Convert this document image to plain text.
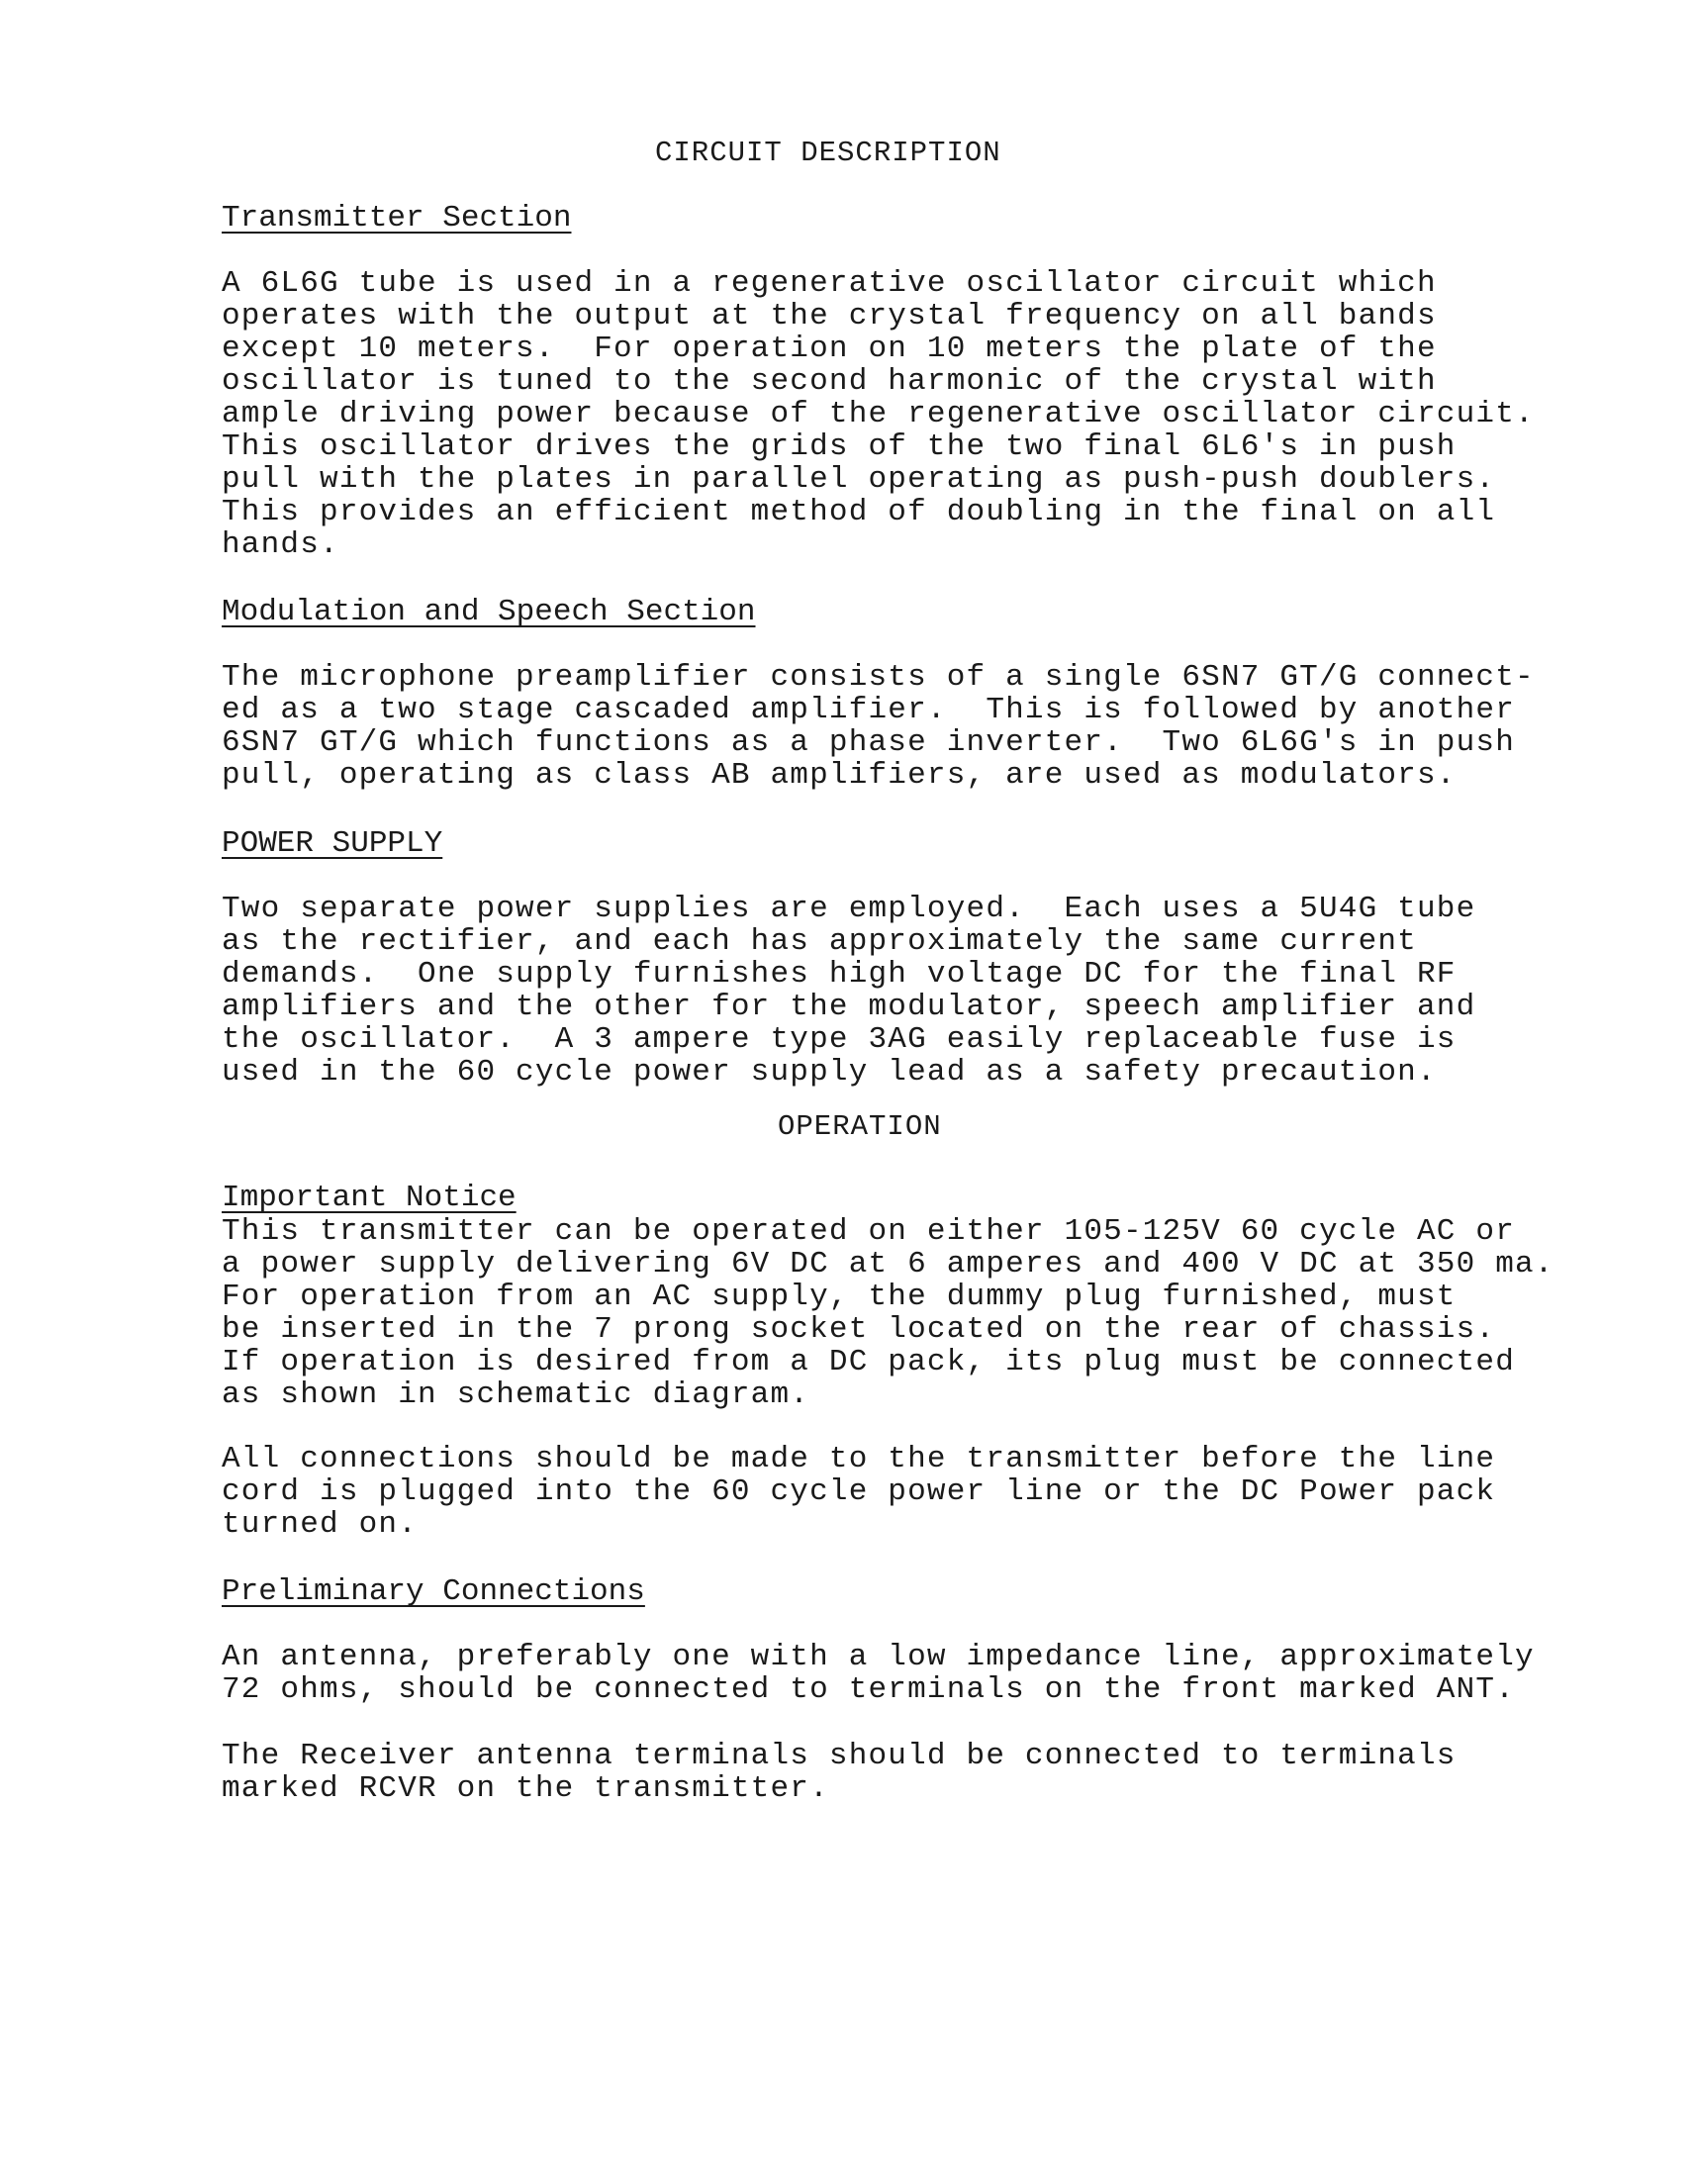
CIRCUIT DESCRIPTION
Transmitter Section
A 6L6G tube is used in a regenerative oscillator circuit which
operates with the output at the crystal frequency on all bands
except 10 meters.  For operation on 10 meters the plate of the
oscillator is tuned to the second harmonic of the crystal with
ample driving power because of the regenerative oscillator circuit.
This oscillator drives the grids of the two final 6L6's in push
pull with the plates in parallel operating as push-push doublers.
This provides an efficient method of doubling in the final on all
hands.
Modulation and Speech Section
The microphone preamplifier consists of a single 6SN7 GT/G connect-
ed as a two stage cascaded amplifier.  This is followed by another
6SN7 GT/G which functions as a phase inverter.  Two 6L6G's in push
pull, operating as class AB amplifiers, are used as modulators.
POWER SUPPLY
Two separate power supplies are employed.  Each uses a 5U4G tube
as the rectifier, and each has approximately the same current
demands.  One supply furnishes high voltage DC for the final RF
amplifiers and the other for the modulator, speech amplifier and
the oscillator.  A 3 ampere type 3AG easily replaceable fuse is
used in the 60 cycle power supply lead as a safety precaution.
OPERATION
Important Notice
This transmitter can be operated on either 105-125V 60 cycle AC or
a power supply delivering 6V DC at 6 amperes and 400 V DC at 350 ma.
For operation from an AC supply, the dummy plug furnished, must
be inserted in the 7 prong socket located on the rear of chassis.
If operation is desired from a DC pack, its plug must be connected
as shown in schematic diagram.
All connections should be made to the transmitter before the line
cord is plugged into the 60 cycle power line or the DC Power pack
turned on.
Preliminary Connections
An antenna, preferably one with a low impedance line, approximately
72 ohms, should be connected to terminals on the front marked ANT.
The Receiver antenna terminals should be connected to terminals
marked RCVR on the transmitter.
